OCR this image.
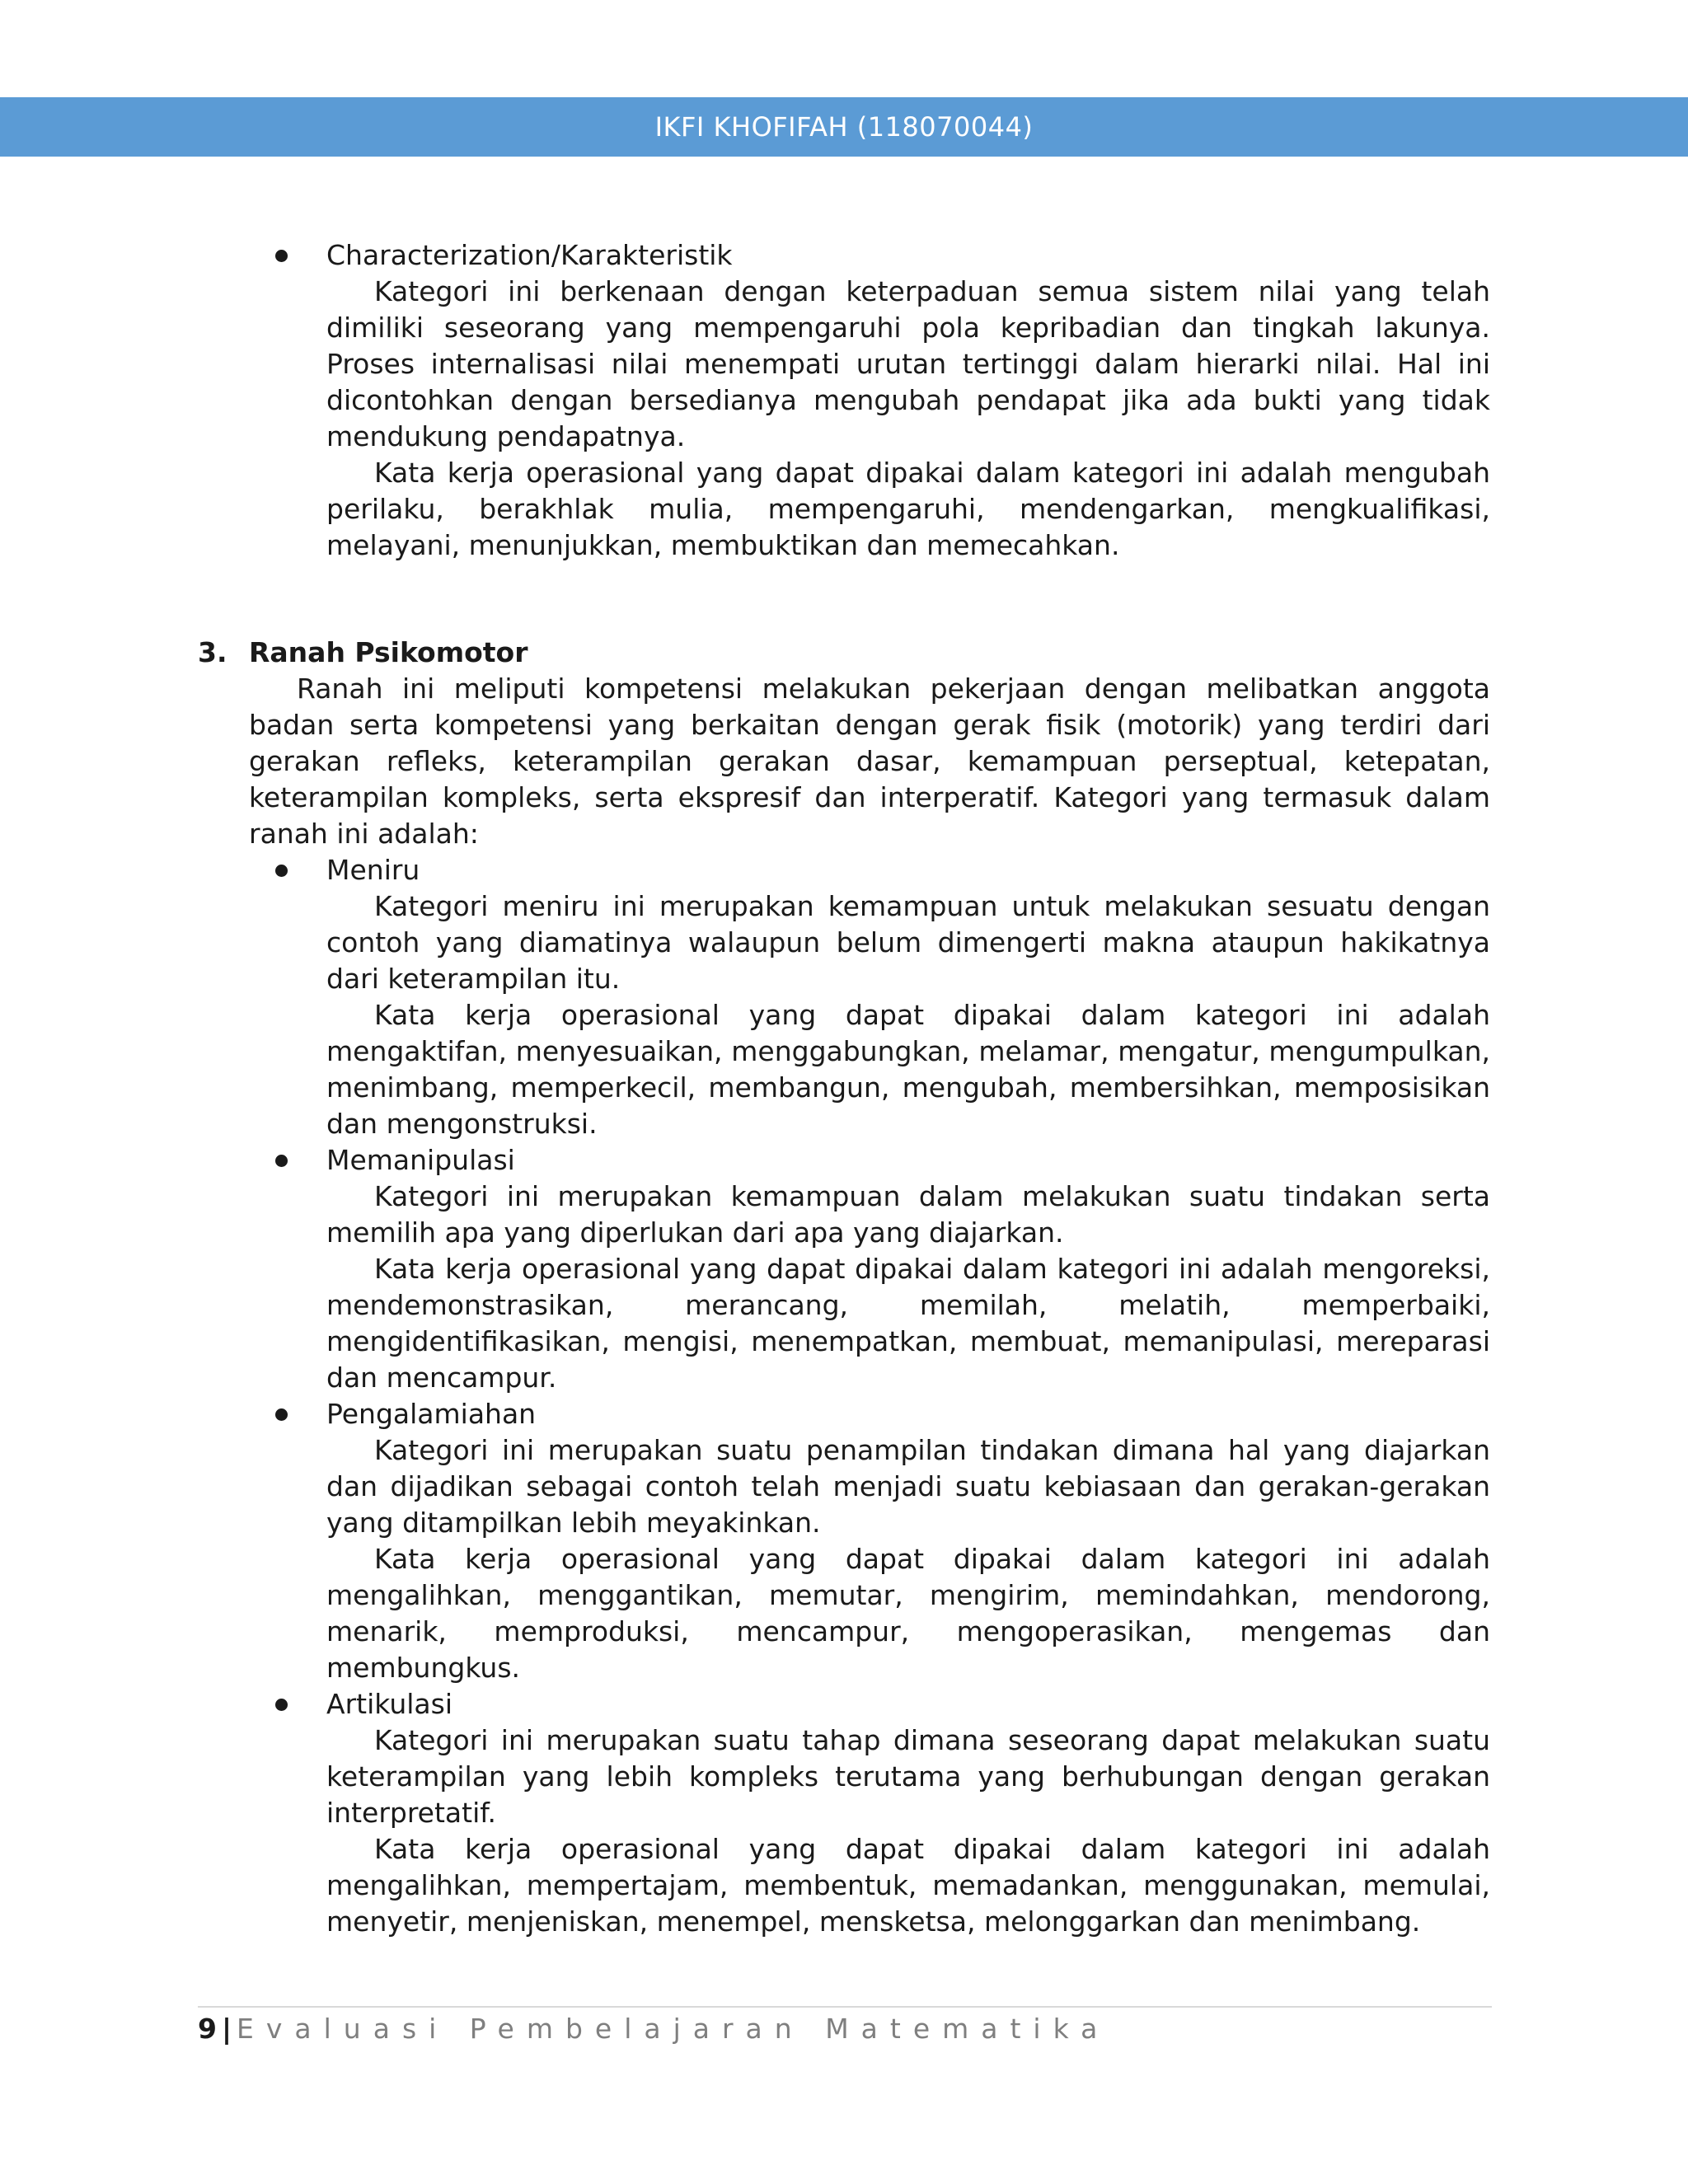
IKFI KHOFIFAH (118070044)

Characterization/Karakteristik

Kategori ini berkenaan dengan keterpaduan semua sistem nilai yang telah dimiliki seseorang yang mempengaruhi pola kepribadian dan tingkah lakunya. Proses internalisasi nilai menempati urutan tertinggi dalam hierarki nilai. Hal ini dicontohkan dengan bersedianya mengubah pendapat jika ada bukti yang tidak mendukung pendapatnya.

Kata kerja operasional yang dapat dipakai dalam kategori ini adalah mengubah perilaku, berakhlak mulia, mempengaruhi, mendengarkan, mengkualifikasi, melayani, menunjukkan, membuktikan dan memecahkan.

3. Ranah Psikomotor

Ranah ini meliputi kompetensi melakukan pekerjaan dengan melibatkan anggota badan serta kompetensi yang berkaitan dengan gerak fisik (motorik) yang terdiri dari gerakan refleks, keterampilan gerakan dasar, kemampuan perseptual, ketepatan, keterampilan kompleks, serta ekspresif dan interperatif. Kategori yang termasuk dalam ranah ini adalah:

Meniru

Kategori meniru ini merupakan kemampuan untuk melakukan sesuatu dengan contoh yang diamatinya walaupun belum dimengerti makna ataupun hakikatnya dari keterampilan itu.

Kata kerja operasional yang dapat dipakai dalam kategori ini adalah mengaktifan, menyesuaikan, menggabungkan, melamar, mengatur, mengumpulkan, menimbang, memperkecil, membangun, mengubah, membersihkan, memposisikan dan mengonstruksi.

Memanipulasi

Kategori ini merupakan kemampuan dalam melakukan suatu tindakan serta memilih apa yang diperlukan dari apa yang diajarkan.

Kata kerja operasional yang dapat dipakai dalam kategori ini adalah mengoreksi, mendemonstrasikan, merancang, memilah, melatih, memperbaiki, mengidentifikasikan, mengisi, menempatkan, membuat, memanipulasi, mereparasi dan mencampur.

Pengalamiahan

Kategori ini merupakan suatu penampilan tindakan dimana hal yang diajarkan dan dijadikan sebagai contoh telah menjadi suatu kebiasaan dan gerakan-gerakan yang ditampilkan lebih meyakinkan.

Kata kerja operasional yang dapat dipakai dalam kategori ini adalah mengalihkan, menggantikan, memutar, mengirim, memindahkan, mendorong, menarik, memproduksi, mencampur, mengoperasikan, mengemas dan membungkus.

Artikulasi

Kategori ini merupakan suatu tahap dimana seseorang dapat melakukan suatu keterampilan yang lebih kompleks terutama yang berhubungan dengan gerakan interpretatif.

Kata kerja operasional yang dapat dipakai dalam kategori ini adalah mengalihkan, mempertajam, membentuk, memadankan, menggunakan, memulai, menyetir, menjeniskan, menempel, mensketsa, melonggarkan dan menimbang.

9 | Evaluasi Pembelajaran Matematika
